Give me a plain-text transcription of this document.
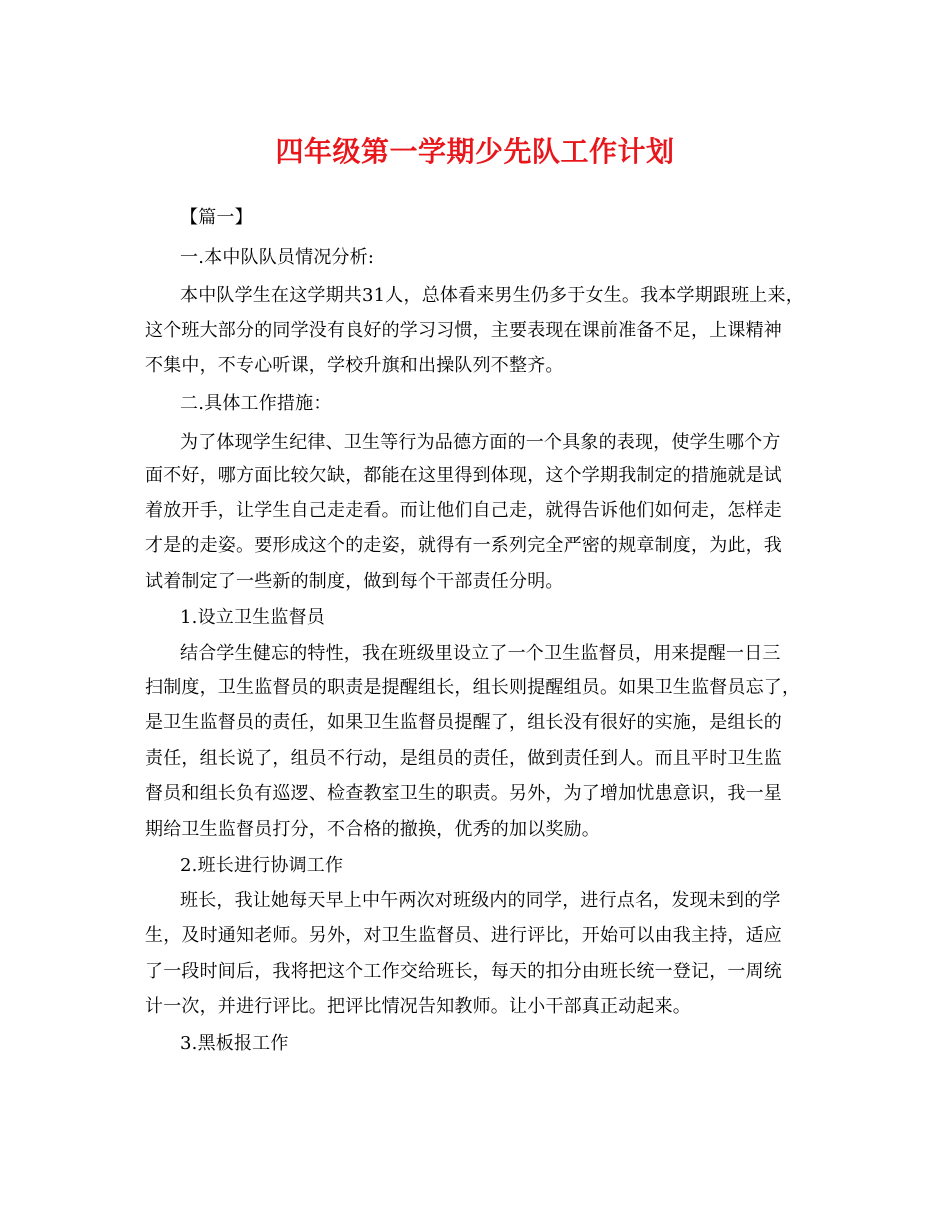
四年级第一学期少先队工作计划
【篇一】
一.本中队队员情况分析:
本中队学生在这学期共31人，总体看来男生仍多于女生。我本学期跟班上来，
这个班大部分的同学没有良好的学习习惯，主要表现在课前准备不足，上课精神
不集中，不专心听课，学校升旗和出操队列不整齐。
二.具体工作措施：
为了体现学生纪律、卫生等行为品德方面的一个具象的表现，使学生哪个方
面不好，哪方面比较欠缺，都能在这里得到体现，这个学期我制定的措施就是试
着放开手，让学生自己走走看。而让他们自己走，就得告诉他们如何走，怎样走
才是的走姿。要形成这个的走姿，就得有一系列完全严密的规章制度，为此，我
试着制定了一些新的制度，做到每个干部责任分明。
1.设立卫生监督员
结合学生健忘的特性，我在班级里设立了一个卫生监督员，用来提醒一日三
扫制度，卫生监督员的职责是提醒组长，组长则提醒组员。如果卫生监督员忘了，
是卫生监督员的责任，如果卫生监督员提醒了，组长没有很好的实施，是组长的
责任，组长说了，组员不行动，是组员的责任，做到责任到人。而且平时卫生监
督员和组长负有巡逻、检查教室卫生的职责。另外，为了增加忧患意识，我一星
期给卫生监督员打分，不合格的撤换，优秀的加以奖励。
2.班长进行协调工作
班长，我让她每天早上中午两次对班级内的同学，进行点名，发现未到的学
生，及时通知老师。另外，对卫生监督员、进行评比，开始可以由我主持，适应
了一段时间后，我将把这个工作交给班长，每天的扣分由班长统一登记，一周统
计一次，并进行评比。把评比情况告知教师。让小干部真正动起来。
3.黑板报工作
